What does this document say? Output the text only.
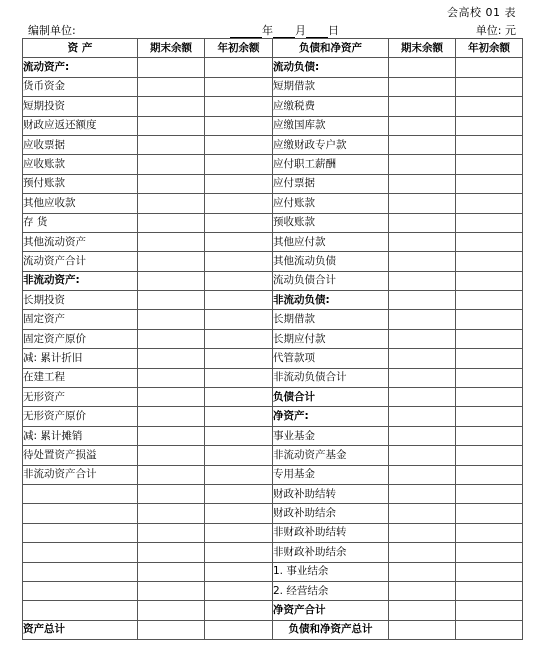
会高校 01 表
编制单位:	年 月 日	单位: 元
资 产	期末余额	年初余额	负债和净资产	期末余额	年初余额
流动资产:			流动负债:		
货币资金			短期借款		
短期投资			应缴税费		
财政应返还额度			应缴国库款		
应收票据			应缴财政专户款		
应收账款			应付职工薪酬		
预付账款			应付票据		
其他应收款			应付账款		
存 货			预收账款		
其他流动资产			其他应付款		
流动资产合计			其他流动负债		
非流动资产:			流动负债合计		
长期投资			非流动负债:		
固定资产			长期借款		
固定资产原价			长期应付款		
减: 累计折旧			代管款项		
在建工程			非流动负债合计		
无形资产			负债合计		
无形资产原价			净资产:		
减: 累计摊销			事业基金		
待处置资产损溢			非流动资产基金		
非流动资产合计			专用基金		
			财政补助结转		
			财政补助结余		
			非财政补助结转		
			非财政补助结余		
			1. 事业结余		
			2. 经营结余		
			净资产合计		
资产总计			负债和净资产总计		
